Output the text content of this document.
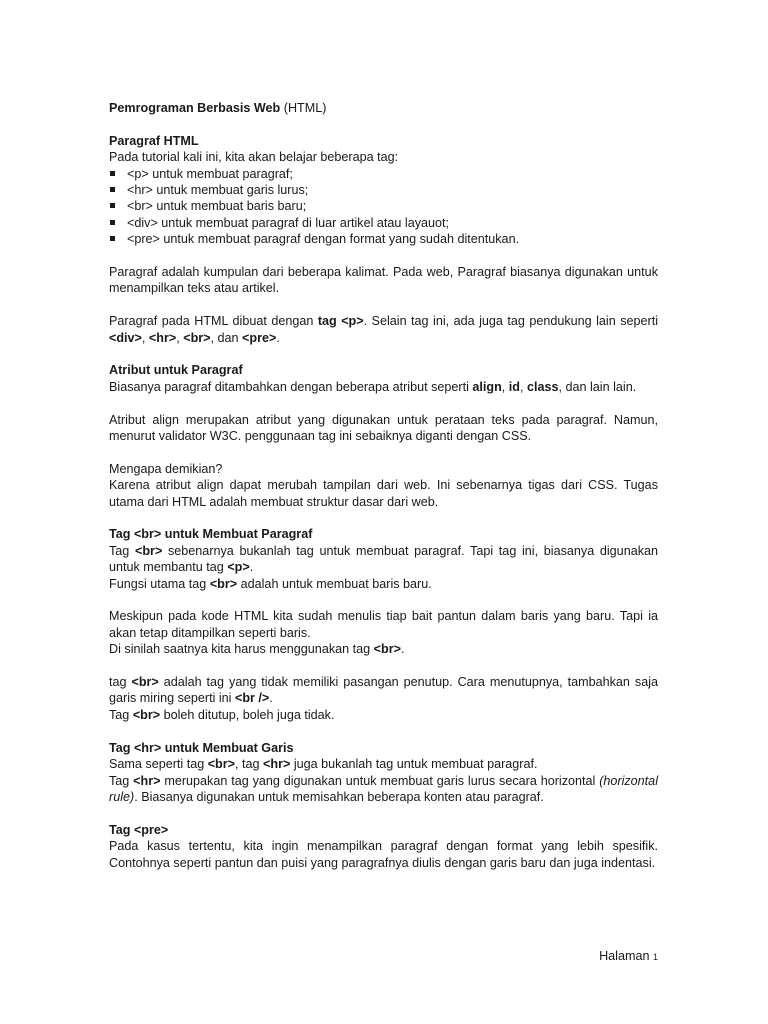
Pemrograman Berbasis Web (HTML)

Paragraf HTML

Pada tutorial kali ini, kita akan belajar beberapa tag:

<p> untuk membuat paragraf;
<hr> untuk membuat garis lurus;
<br> untuk membuat baris baru;
<div> untuk membuat paragraf di luar artikel atau layauot;
<pre> untuk membuat paragraf dengan format yang sudah ditentukan.

Paragraf adalah kumpulan dari beberapa kalimat. Pada web, Paragraf biasanya digunakan untuk menampilkan teks atau artikel.

Paragraf pada HTML dibuat dengan tag <p>. Selain tag ini, ada juga tag pendukung lain seperti <div>, <hr>, <br>, dan <pre>.

Atribut untuk Paragraf

Biasanya paragraf ditambahkan dengan beberapa atribut seperti align, id, class, dan lain lain.

Atribut align merupakan atribut yang digunakan untuk perataan teks pada paragraf. Namun, menurut validator W3C. penggunaan tag ini sebaiknya diganti dengan CSS.

Mengapa demikian?

Karena atribut align dapat merubah tampilan dari web. Ini sebenarnya tigas dari CSS. Tugas utama dari HTML adalah membuat struktur dasar dari web.

Tag <br> untuk Membuat Paragraf

Tag <br> sebenarnya bukanlah tag untuk membuat paragraf. Tapi tag ini, biasanya digunakan untuk membantu tag <p>.

Fungsi utama tag <br> adalah untuk membuat baris baru.

Meskipun pada kode HTML kita sudah menulis tiap bait pantun dalam baris yang baru. Tapi ia akan tetap ditampilkan seperti baris.

Di sinilah saatnya kita harus menggunakan tag <br>.

tag <br> adalah tag yang tidak memiliki pasangan penutup. Cara menutupnya, tambahkan saja garis miring seperti ini <br />.

Tag <br> boleh ditutup, boleh juga tidak.

Tag <hr> untuk Membuat Garis

Sama seperti tag <br>, tag <hr> juga bukanlah tag untuk membuat paragraf.

Tag <hr> merupakan tag yang digunakan untuk membuat garis lurus secara horizontal (horizontal rule). Biasanya digunakan untuk memisahkan beberapa konten atau paragraf.

Tag <pre>

Pada kasus tertentu, kita ingin menampilkan paragraf dengan format yang lebih spesifik. Contohnya seperti pantun dan puisi yang paragrafnya diulis dengan garis baru dan juga indentasi.

Halaman 1
